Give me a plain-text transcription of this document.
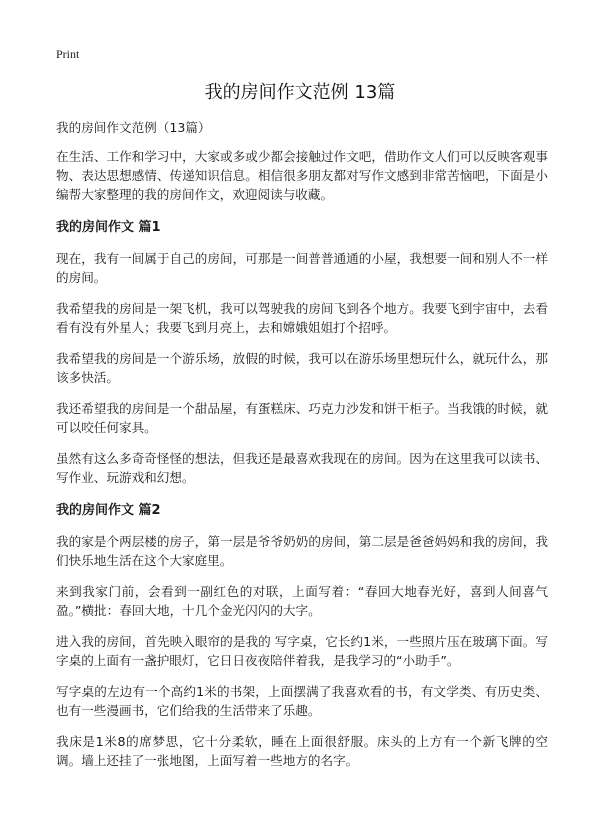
Print
我的房间作文范例 13篇

我的房间作文范例（13篇）

在生活、工作和学习中，大家或多或少都会接触过作文吧，借助作文人们可以反映客观事物、表达思想感情、传递知识信息。相信很多朋友都对写作文感到非常苦恼吧，下面是小编帮大家整理的我的房间作文，欢迎阅读与收藏。

我的房间作文 篇1

现在，我有一间属于自己的房间，可那是一间普普通通的小屋，我想要一间和别人不一样的房间。

我希望我的房间是一架飞机，我可以驾驶我的房间飞到各个地方。我要飞到宇宙中，去看看有没有外星人；我要飞到月亮上，去和嫦娥姐姐打个招呼。

我希望我的房间是一个游乐场，放假的时候，我可以在游乐场里想玩什么，就玩什么，那该多快活。

我还希望我的房间是一个甜品屋，有蛋糕床、巧克力沙发和饼干柜子。当我饿的时候，就可以咬任何家具。

虽然有这么多奇奇怪怪的想法，但我还是最喜欢我现在的房间。因为在这里我可以读书、写作业、玩游戏和幻想。

我的房间作文 篇2

我的家是个两层楼的房子，第一层是爷爷奶奶的房间，第二层是爸爸妈妈和我的房间，我们快乐地生活在这个大家庭里。

来到我家门前，会看到一副红色的对联，上面写着：“春回大地春光好，喜到人间喜气盈。”横批：春回大地，十几个金光闪闪的大字。

进入我的房间，首先映入眼帘的是我的 写字桌，它长约1米，一些照片压在玻璃下面。写字桌的上面有一盏护眼灯，它日日夜夜陪伴着我，是我学习的“小助手”。

写字桌的左边有一个高约1米的书架，上面摆满了我喜欢看的书，有文学类、有历史类、也有一些漫画书，它们给我的生活带来了乐趣。

我床是1米8的席梦思，它十分柔软，睡在上面很舒服。床头的上方有一个新飞牌的空调。墙上还挂了一张地图，上面写着一些地方的名字。
